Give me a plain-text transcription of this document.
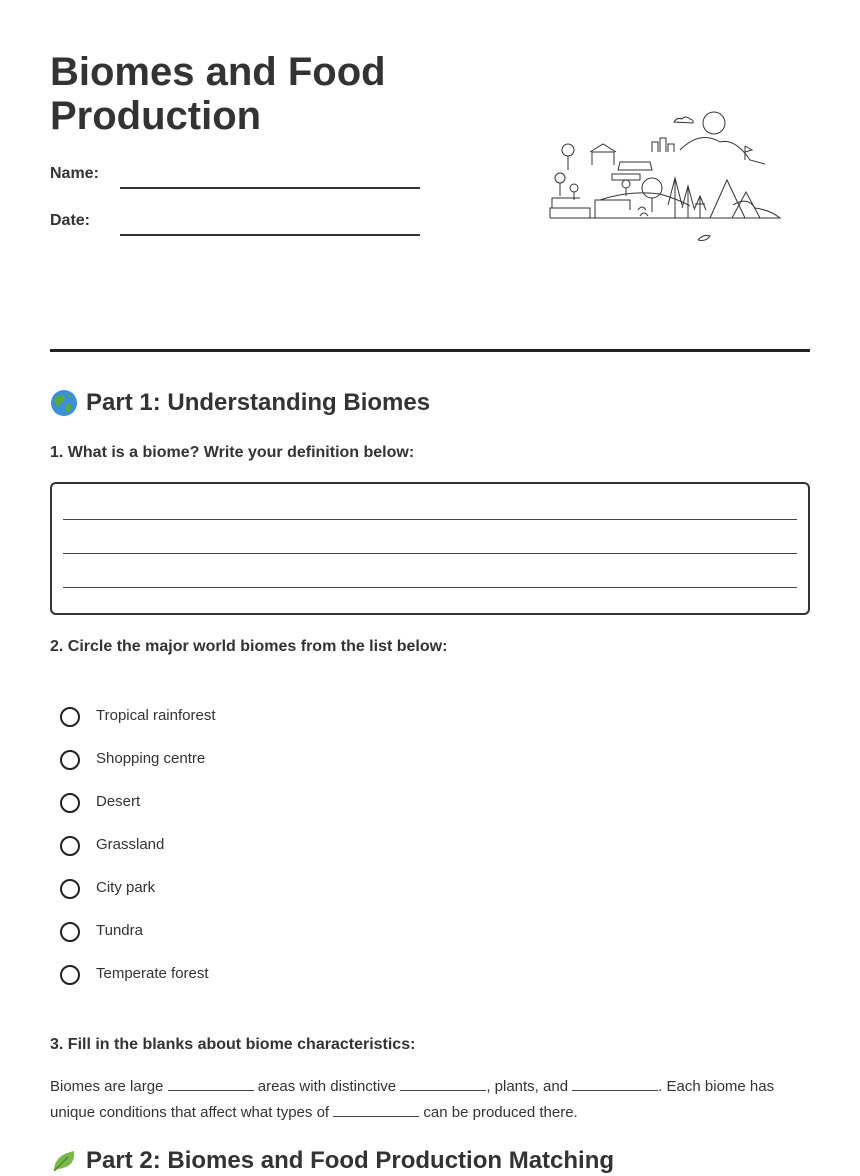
Biomes and Food Production
Name:
Date:
Part 1: Understanding Biomes

1. What is a biome? Write your definition below:

2. Circle the major world biomes from the list below:

Tropical rainforest
Shopping centre
Desert
Grassland
City park
Tundra
Temperate forest

3. Fill in the blanks about biome characteristics:

Biomes are large	areas with distinctive	, plants, and	. Each biome has unique conditions that affect what types of	can be produced there.

Part 2: Biomes and Food Production Matching
